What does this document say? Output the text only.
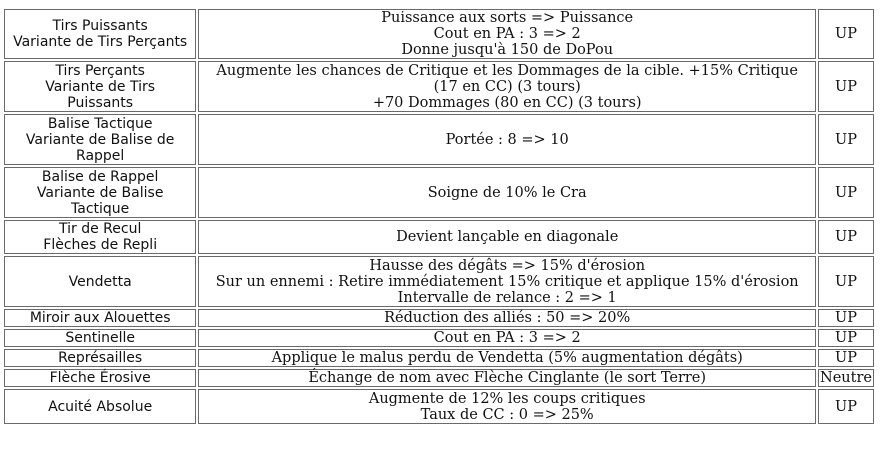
Tirs Puissants
Variante de Tirs Perçants	Puissance aux sorts => Puissance
Cout en PA : 3 => 2
Donne jusqu'à 150 de DoPou	UP

Tirs Perçants
Variante de Tirs
Puissants	Augmente les chances de Critique et les Dommages de la cible. +15% Critique (17 en CC) (3 tours)
+70 Dommages (80 en CC) (3 tours)	UP

Balise Tactique
Variante de Balise de
Rappel	Portée : 8 => 10	UP

Balise de Rappel
Variante de Balise
Tactique	Soigne de 10% le Cra	UP

Tir de Recul
Flèches de Repli	Devient lançable en diagonale	UP

Vendetta	Hausse des dégâts => 15% d'érosion
Sur un ennemi : Retire immédiatement 15% critique et applique 15% d'érosion
Intervalle de relance : 2 => 1	UP

Miroir aux Alouettes	Réduction des alliés : 50 => 20%	UP

Sentinelle	Cout en PA : 3 => 2	UP

Représailles	Applique le malus perdu de Vendetta (5% augmentation dégâts)	UP

Flèche Érosive	Échange de nom avec Flèche Cinglante (le sort Terre)	Neutre

Acuité Absolue	Augmente de 12% les coups critiques
Taux de CC : 0 => 25%	UP
